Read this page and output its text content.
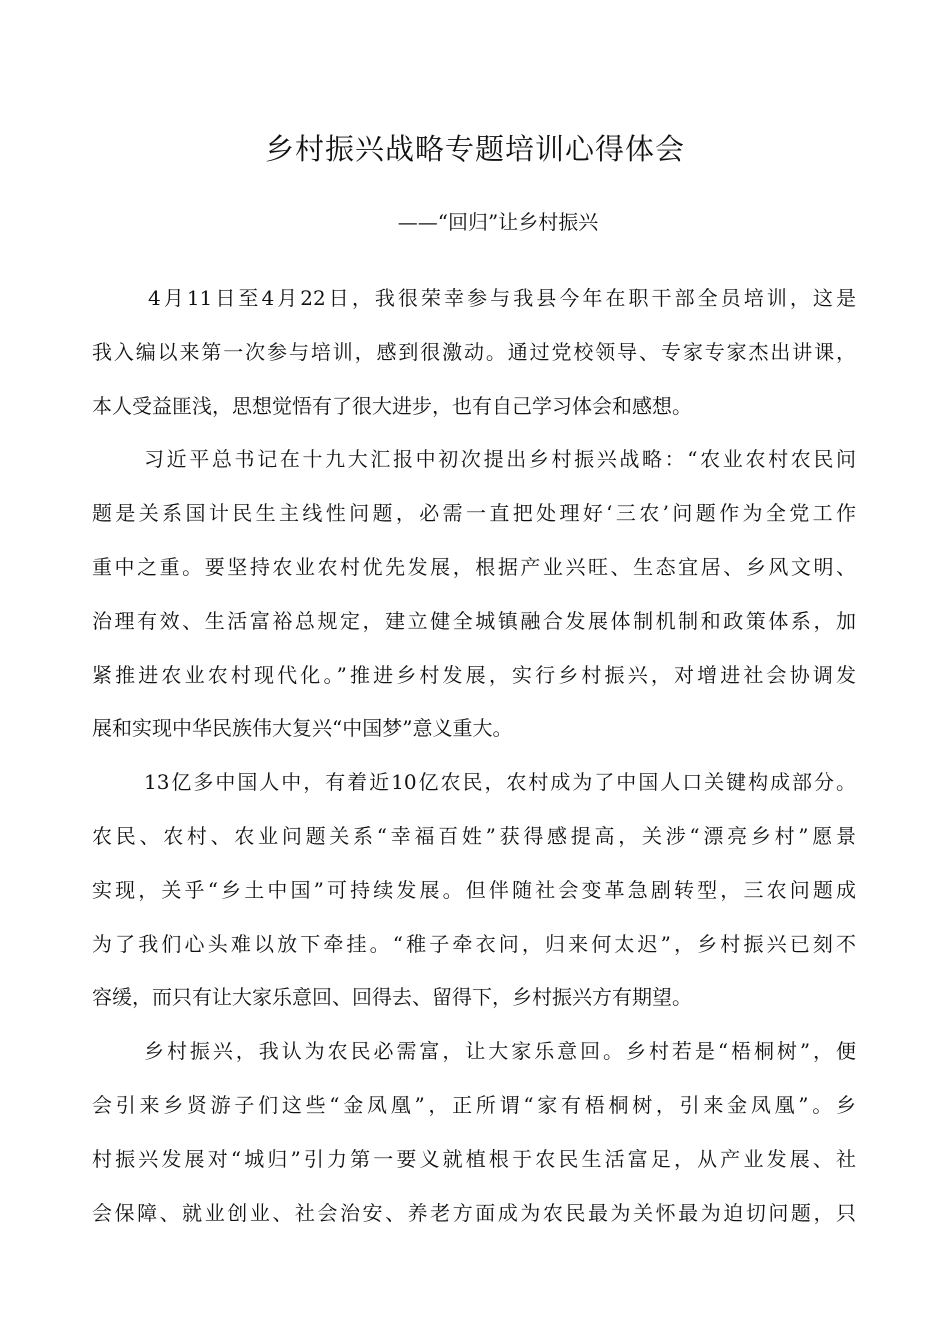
乡村振兴战略专题培训心得体会
——“回归”让乡村振兴
4月11日至4月22日，我很荣幸参与我县今年在职干部全员培训，这是
我入编以来第一次参与培训，感到很激动。通过党校领导、专家专家杰出讲课，
本人受益匪浅，思想觉悟有了很大进步，也有自己学习体会和感想。
习近平总书记在十九大汇报中初次提出乡村振兴战略：“农业农村农民问
题是关系国计民生主线性问题，必需一直把处理好‘三农’问题作为全党工作
重中之重。要坚持农业农村优先发展，根据产业兴旺、生态宜居、乡风文明、
治理有效、生活富裕总规定，建立健全城镇融合发展体制机制和政策体系，加
紧推进农业农村现代化。”推进乡村发展，实行乡村振兴，对增进社会协调发
展和实现中华民族伟大复兴“中国梦”意义重大。
13亿多中国人中，有着近10亿农民，农村成为了中国人口关键构成部分。
农民、农村、农业问题关系“幸福百姓”获得感提高，关涉“漂亮乡村”愿景
实现，关乎“乡土中国”可持续发展。但伴随社会变革急剧转型，三农问题成
为了我们心头难以放下牵挂。“稚子牵衣问，归来何太迟”，乡村振兴已刻不
容缓，而只有让大家乐意回、回得去、留得下，乡村振兴方有期望。
乡村振兴，我认为农民必需富，让大家乐意回。乡村若是“梧桐树”，便
会引来乡贤游子们这些“金凤凰”，正所谓“家有梧桐树，引来金凤凰”。乡
村振兴发展对“城归”引力第一要义就植根于农民生活富足，从产业发展、社
会保障、就业创业、社会治安、养老方面成为农民最为关怀最为迫切问题，只
